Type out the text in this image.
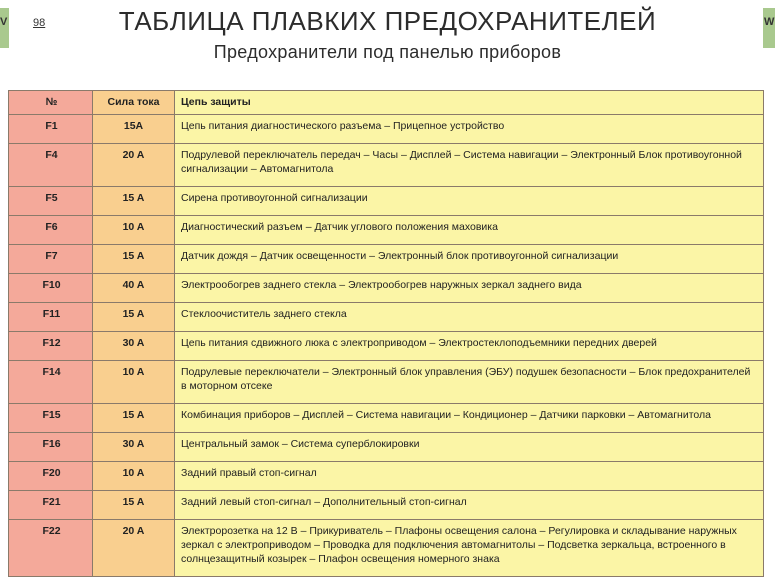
V	W
98	ТАБЛИЦА ПЛАВКИХ ПРЕДОХРАНИТЕЛЕЙ
Предохранители под панелью приборов
№	Сила тока	Цепь защиты
F1	15A	Цепь питания диагностического разъема – Прицепное устройство
F4	20 A	Подрулевой переключатель передач – Часы – Дисплей – Система навигации – Электронный Блок противоугонной сигнализации – Автомагнитола
F5	15 A	Сирена противоугонной сигнализации
F6	10 A	Диагностический разъем – Датчик углового положения маховика
F7	15 A	Датчик дождя – Датчик освещенности – Электронный блок противоугонной сигнализации
F10	40 A	Электрообогрев заднего стекла – Электрообогрев наружных зеркал заднего вида
F11	15 A	Стеклоочиститель заднего стекла
F12	30 A	Цепь питания сдвижного люка с электроприводом – Электростеклоподъемники передних дверей
F14	10 A	Подрулевые переключатели – Электронный блок управления (ЭБУ) подушек безопасности – Блок предохранителей в моторном отсеке
F15	15 A	Комбинация приборов – Дисплей – Система навигации – Кондиционер – Датчики парковки – Автомагнитола
F16	30 A	Центральный замок – Система суперблокировки
F20	10 A	Задний правый стоп-сигнал
F21	15 A	Задний левый стоп-сигнал – Дополнительный стоп-сигнал
F22	20 A	Электророзетка на 12 В – Прикуриватель – Плафоны освещения салона – Регулировка и складывание наружных зеркал с электроприводом – Проводка для подключения автомагнитолы – Подсветка зеркальца, встроенного в солнцезащитный козырек – Плафон освещения номерного знака
